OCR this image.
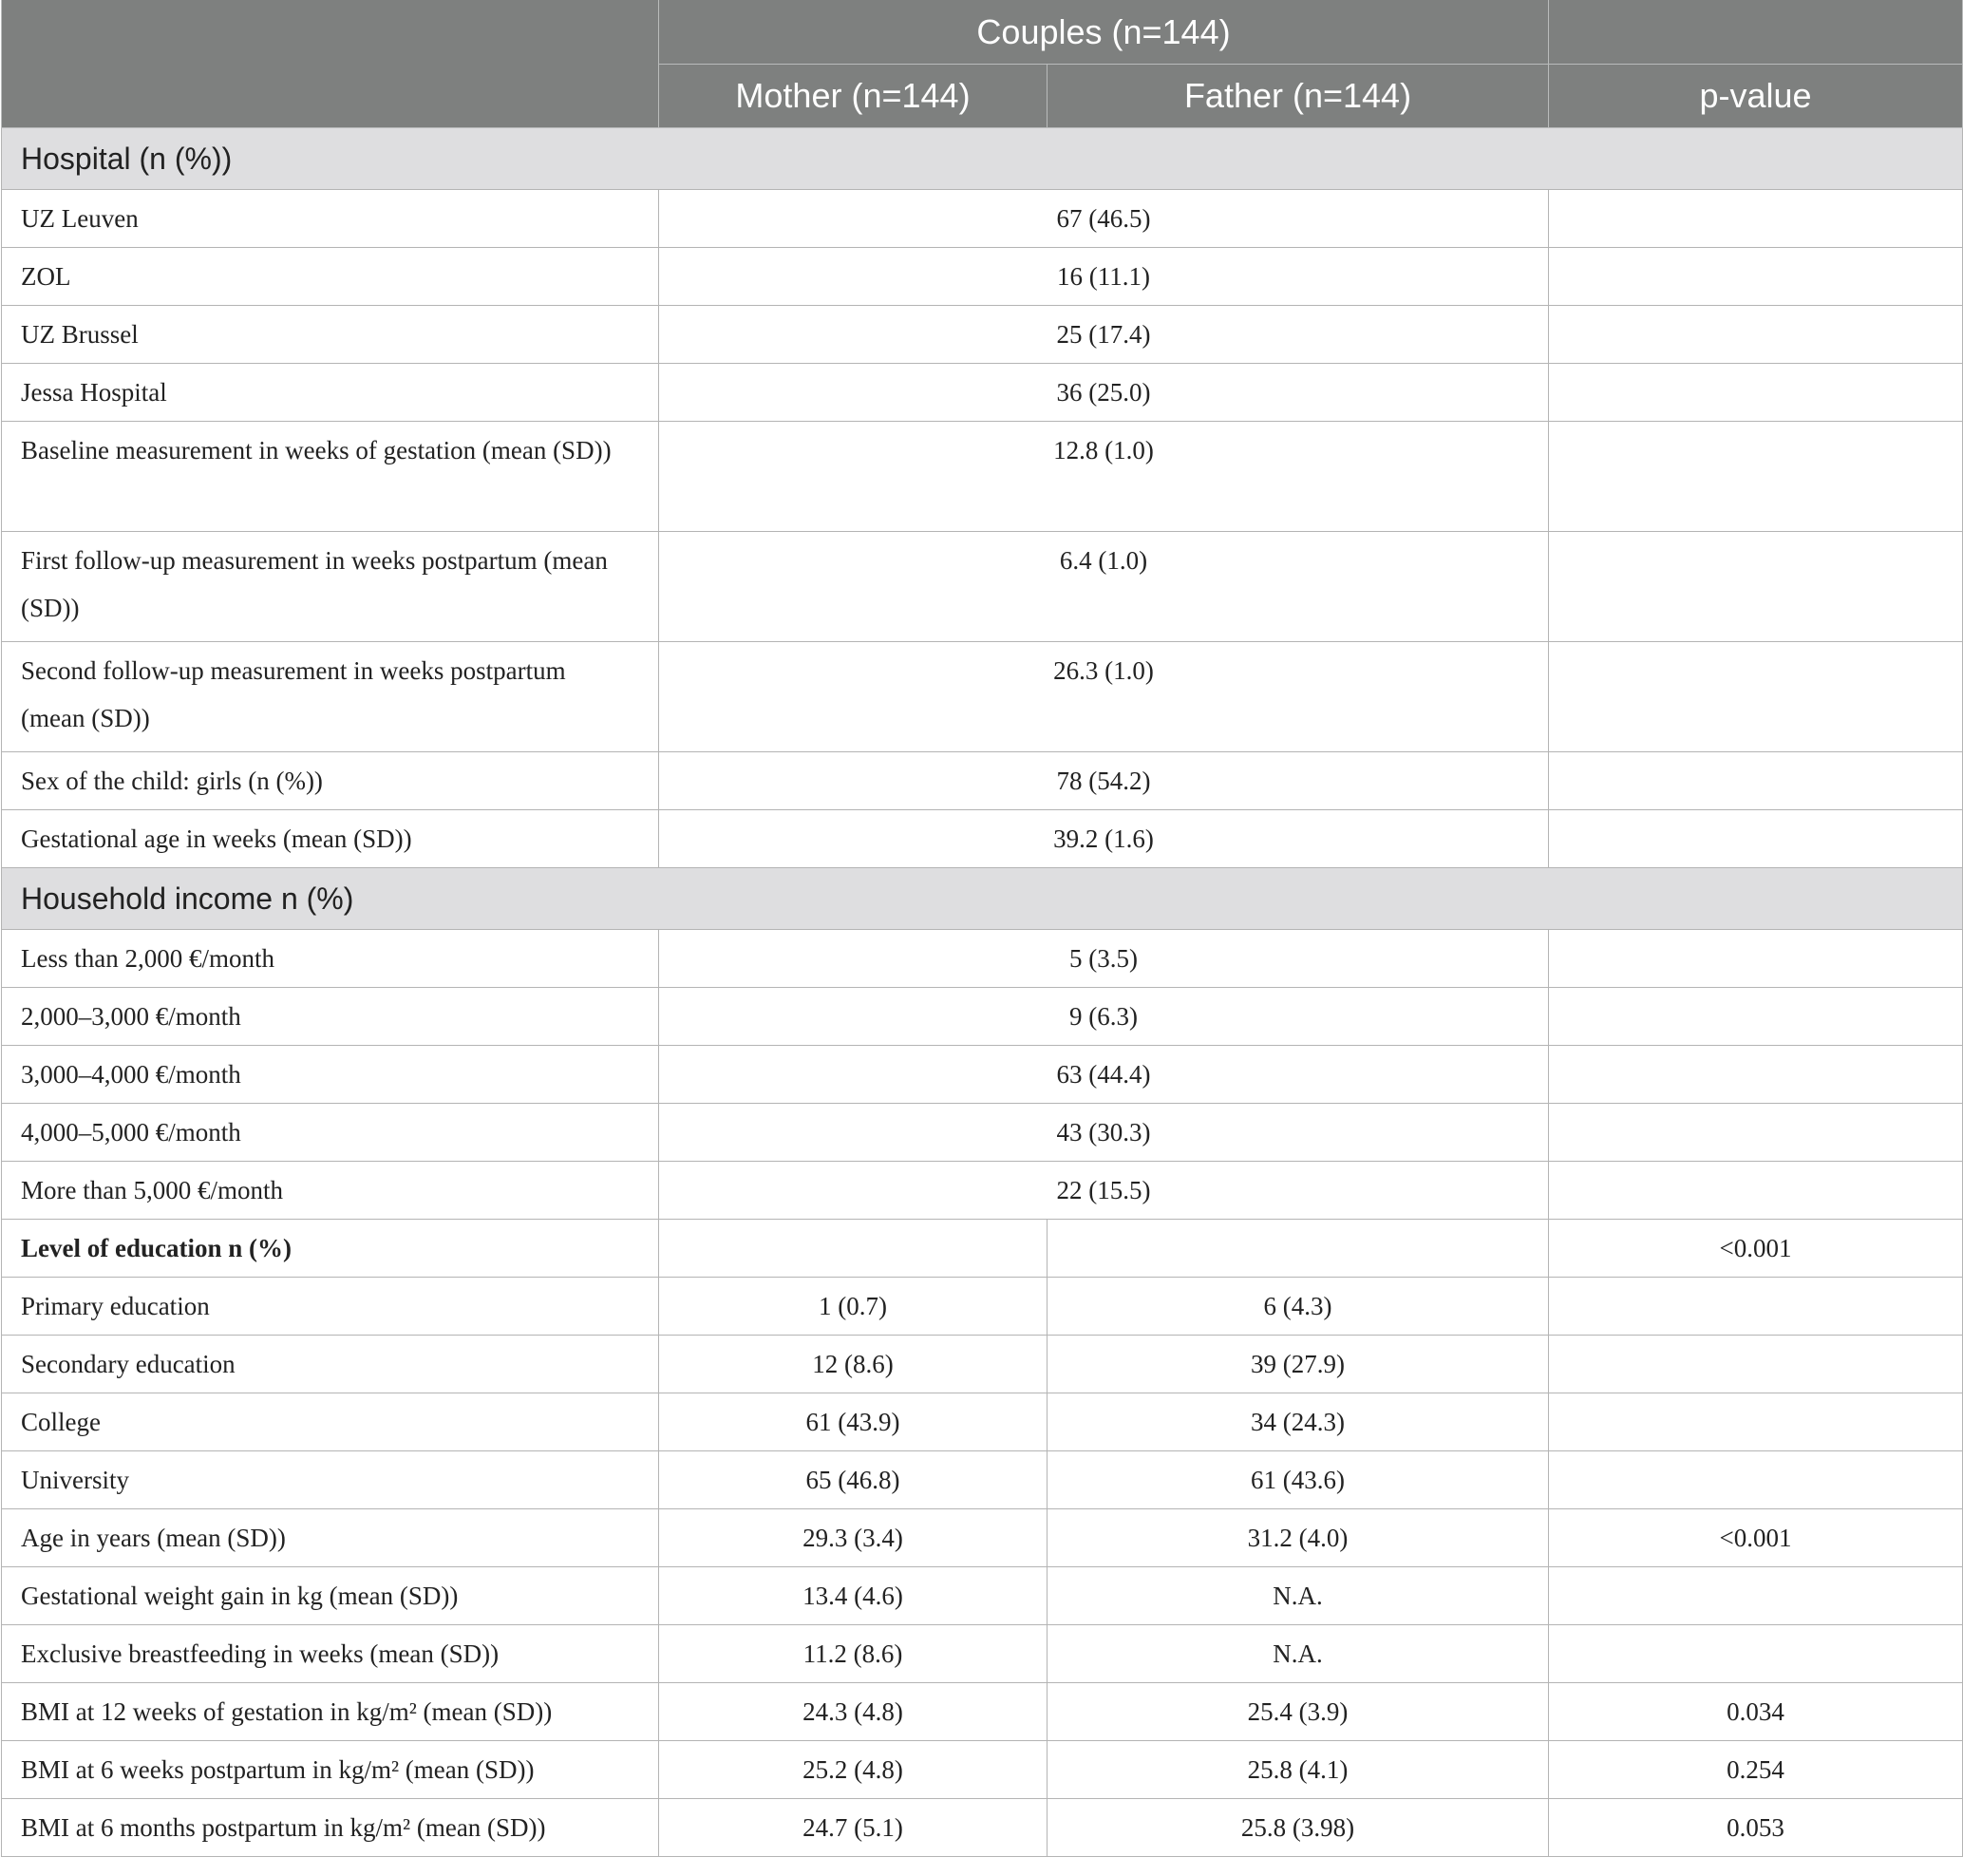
	Couples (n=144)		
	Mother (n=144)	Father (n=144)	p-value
Hospital (n (%))			
UZ Leuven	67 (46.5)		
ZOL	16 (11.1)		
UZ Brussel	25 (17.4)		
Jessa Hospital	36 (25.0)		
Baseline measurement in weeks of gestation (mean (SD))	12.8 (1.0)		
First follow-up measurement in weeks postpartum (mean (SD))	6.4 (1.0)		
Second follow-up measurement in weeks postpartum (mean (SD))	26.3 (1.0)		
Sex of the child: girls (n (%))	78 (54.2)		
Gestational age in weeks (mean (SD))	39.2 (1.6)		
Household income n (%)			
Less than 2,000 €/month	5 (3.5)		
2,000–3,000 €/month	9 (6.3)		
3,000–4,000 €/month	63 (44.4)		
4,000–5,000 €/month	43 (30.3)		
More than 5,000 €/month	22 (15.5)		
Level of education n (%)			<0.001
Primary education	1 (0.7)	6 (4.3)	
Secondary education	12 (8.6)	39 (27.9)	
College	61 (43.9)	34 (24.3)	
University	65 (46.8)	61 (43.6)	
Age in years (mean (SD))	29.3 (3.4)	31.2 (4.0)	<0.001
Gestational weight gain in kg (mean (SD))	13.4 (4.6)	N.A.	
Exclusive breastfeeding in weeks (mean (SD))	11.2 (8.6)	N.A.	
BMI at 12 weeks of gestation in kg/m² (mean (SD))	24.3 (4.8)	25.4 (3.9)	0.034
BMI at 6 weeks postpartum in kg/m² (mean (SD))	25.2 (4.8)	25.8 (4.1)	0.254
BMI at 6 months postpartum in kg/m² (mean (SD))	24.7 (5.1)	25.8 (3.98)	0.053
